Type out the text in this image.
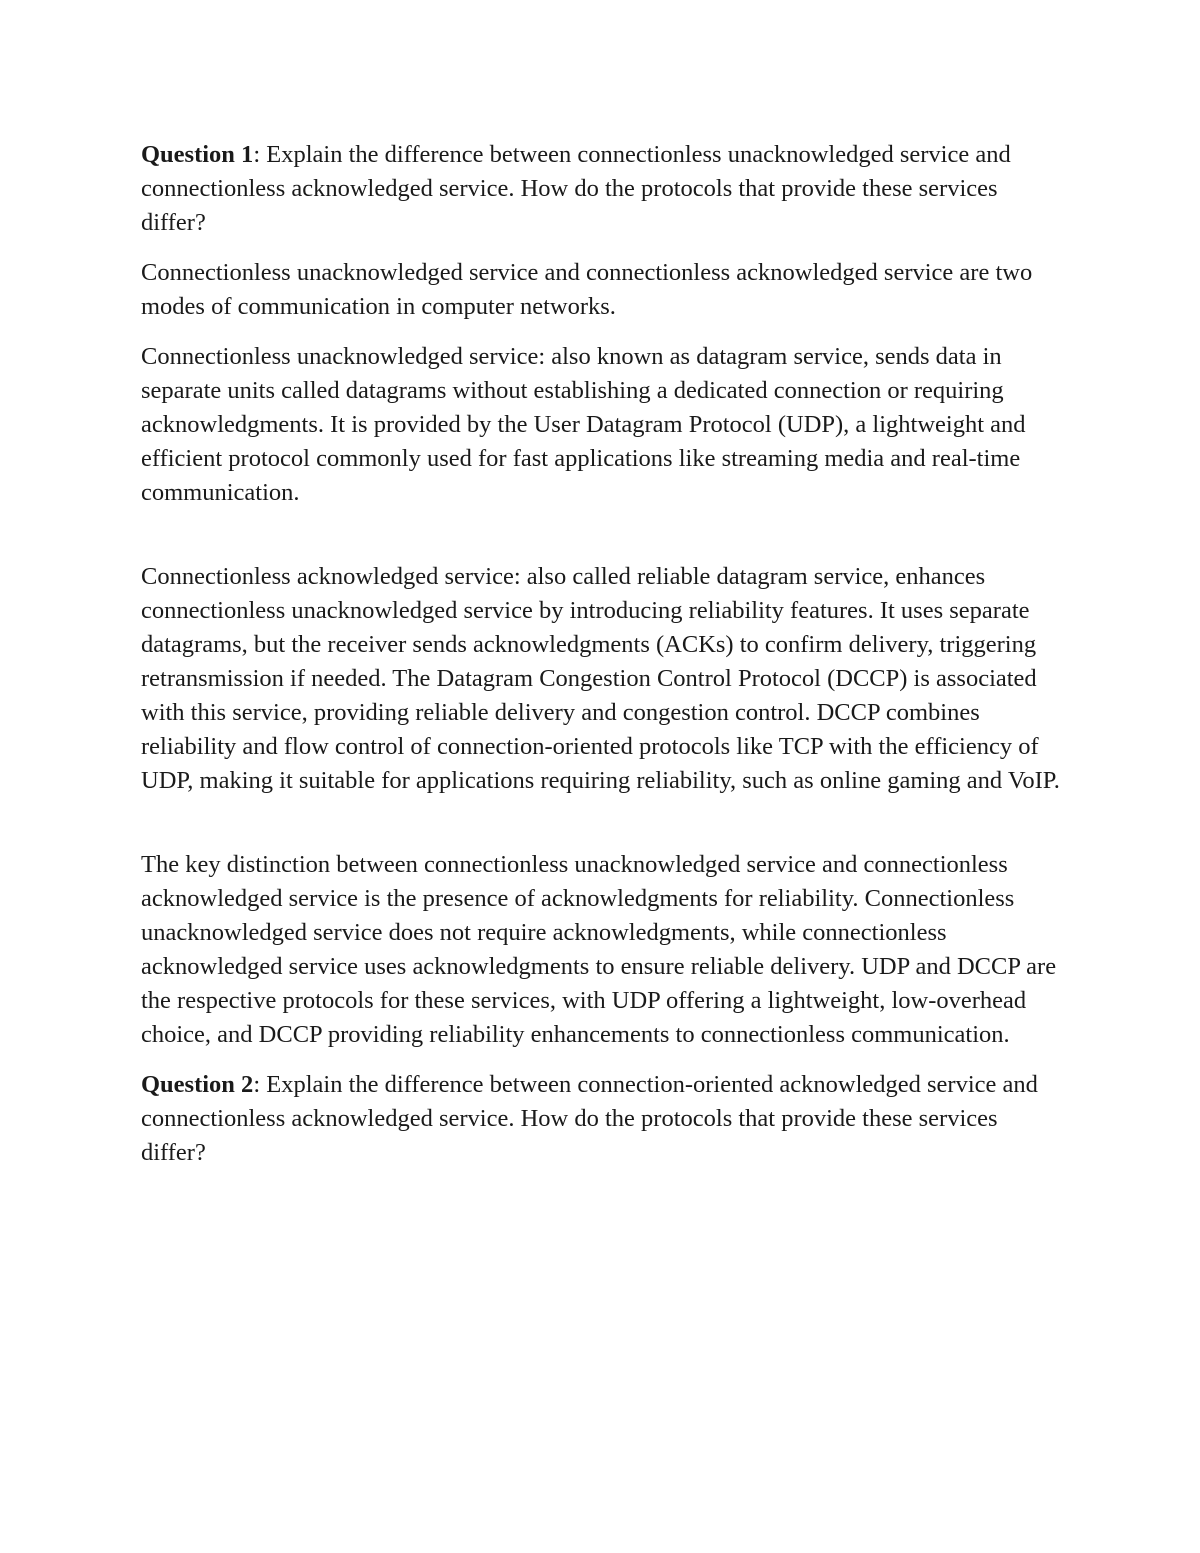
Question 1: Explain the difference between connectionless unacknowledged service and connectionless acknowledged service. How do the protocols that provide these services differ?

Connectionless unacknowledged service and connectionless acknowledged service are two modes of communication in computer networks.

Connectionless unacknowledged service: also known as datagram service, sends data in separate units called datagrams without establishing a dedicated connection or requiring acknowledgments. It is provided by the User Datagram Protocol (UDP), a lightweight and efficient protocol commonly used for fast applications like streaming media and real-time communication.

Connectionless acknowledged service: also called reliable datagram service, enhances connectionless unacknowledged service by introducing reliability features. It uses separate datagrams, but the receiver sends acknowledgments (ACKs) to confirm delivery, triggering retransmission if needed. The Datagram Congestion Control Protocol (DCCP) is associated with this service, providing reliable delivery and congestion control. DCCP combines reliability and flow control of connection-oriented protocols like TCP with the efficiency of UDP, making it suitable for applications requiring reliability, such as online gaming and VoIP.

The key distinction between connectionless unacknowledged service and connectionless acknowledged service is the presence of acknowledgments for reliability. Connectionless unacknowledged service does not require acknowledgments, while connectionless acknowledged service uses acknowledgments to ensure reliable delivery. UDP and DCCP are the respective protocols for these services, with UDP offering a lightweight, low-overhead choice, and DCCP providing reliability enhancements to connectionless communication.

Question 2: Explain the difference between connection-oriented acknowledged service and connectionless acknowledged service. How do the protocols that provide these services differ?
